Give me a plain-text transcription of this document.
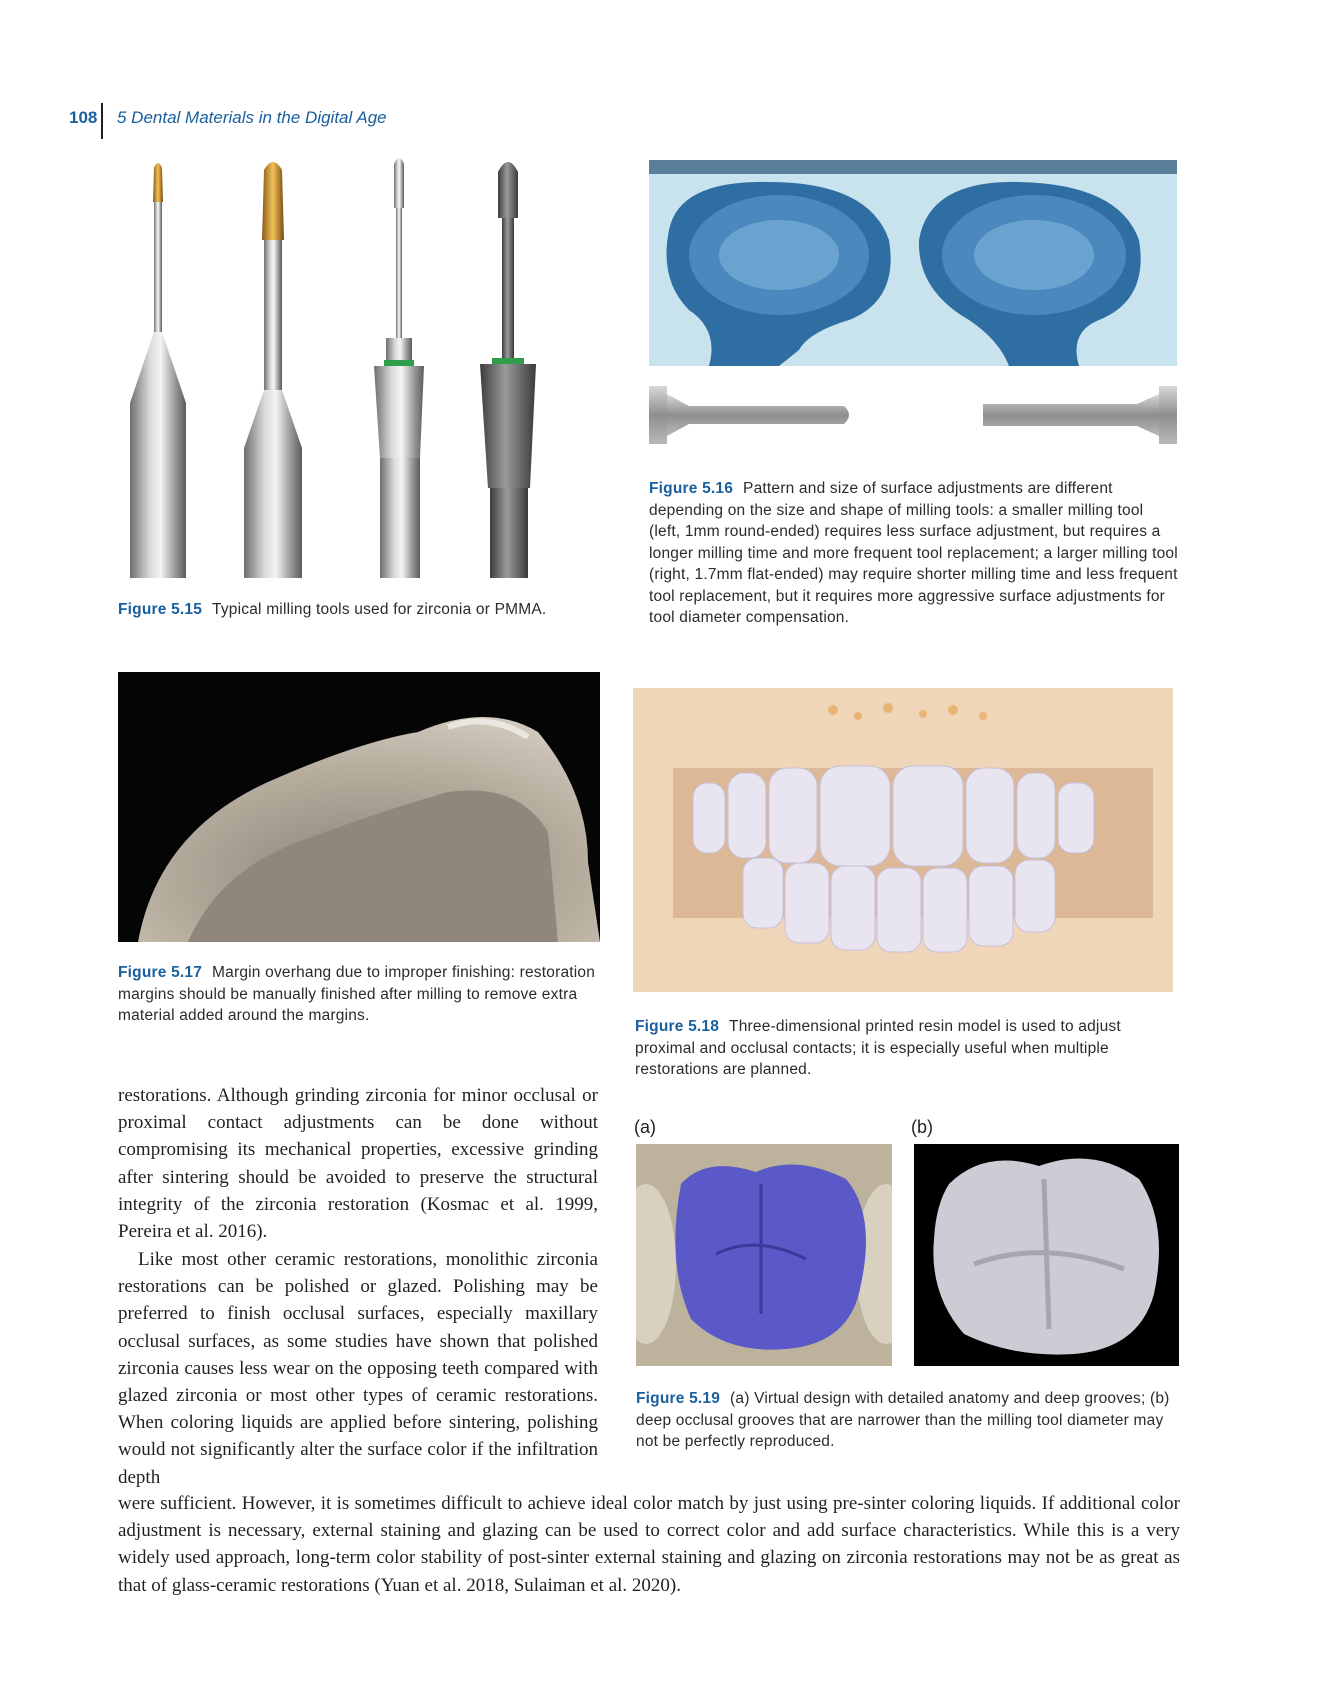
108 5 Dental Materials in the Digital Age
Figure 5.15 Typical milling tools used for zirconia or PMMA.
Figure 5.16 Pattern and size of surface adjustments are different depending on the size and shape of milling tools: a smaller milling tool (left, 1mm round-ended) requires less surface adjustment, but requires a longer milling time and more frequent tool replacement; a larger milling tool (right, 1.7mm flat-ended) may require shorter milling time and less frequent tool replacement, but it requires more aggressive surface adjustments for tool diameter compensation.
Figure 5.17 Margin overhang due to improper finishing: restoration margins should be manually finished after milling to remove extra material added around the margins.
Figure 5.18 Three-dimensional printed resin model is used to adjust proximal and occlusal contacts; it is especially useful when multiple restorations are planned.
(a)	(b)
Figure 5.19 (a) Virtual design with detailed anatomy and deep grooves; (b) deep occlusal grooves that are narrower than the milling tool diameter may not be perfectly reproduced.
restorations. Although grinding zirconia for minor occlusal or proximal contact adjustments can be done without compromising its mechanical properties, excessive grinding after sintering should be avoided to preserve the structural integrity of the zirconia restoration (Kosmac et al. 1999, Pereira et al. 2016).
Like most other ceramic restorations, monolithic zirconia restorations can be polished or glazed. Polishing may be preferred to finish occlusal surfaces, especially maxillary occlusal surfaces, as some studies have shown that polished zirconia causes less wear on the opposing teeth compared with glazed zirconia or most other types of ceramic restorations. When coloring liquids are applied before sintering, polishing would not significantly alter the surface color if the infiltration depth
were sufficient. However, it is sometimes difficult to achieve ideal color match by just using pre-sinter coloring liquids. If additional color adjustment is necessary, external staining and glazing can be used to correct color and add surface characteristics. While this is a very widely used approach, long-term color stability of post-sinter external staining and glazing on zirconia restorations may not be as great as that of glass-ceramic restorations (Yuan et al. 2018, Sulaiman et al. 2020).
